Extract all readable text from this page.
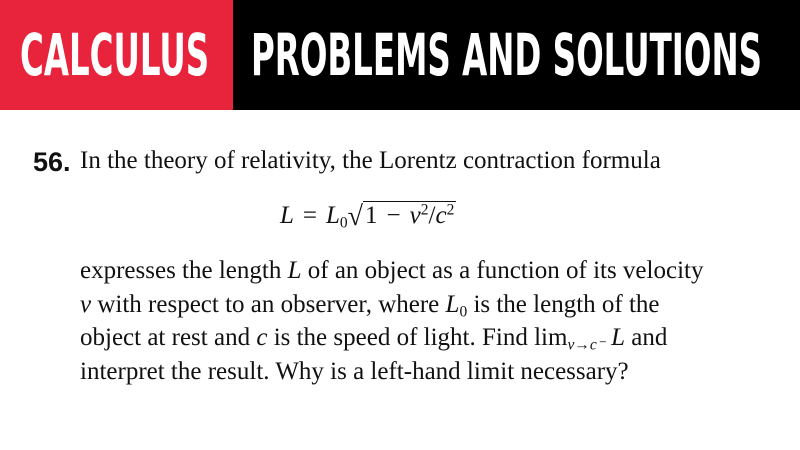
CALCULUS PROBLEMS AND SOLUTIONS
56. In the theory of relativity, the Lorentz contraction formula
$L = L_0√1 - v^2/c^2$
expresses the length L of an object as a function of its velocity
v with respect to an observer, where $L_0$ is the length of the
object at rest and c is the speed of light. Find $\lim_{v\to c^-} L$ and
interpret the result. Why is a left-hand limit necessary?
